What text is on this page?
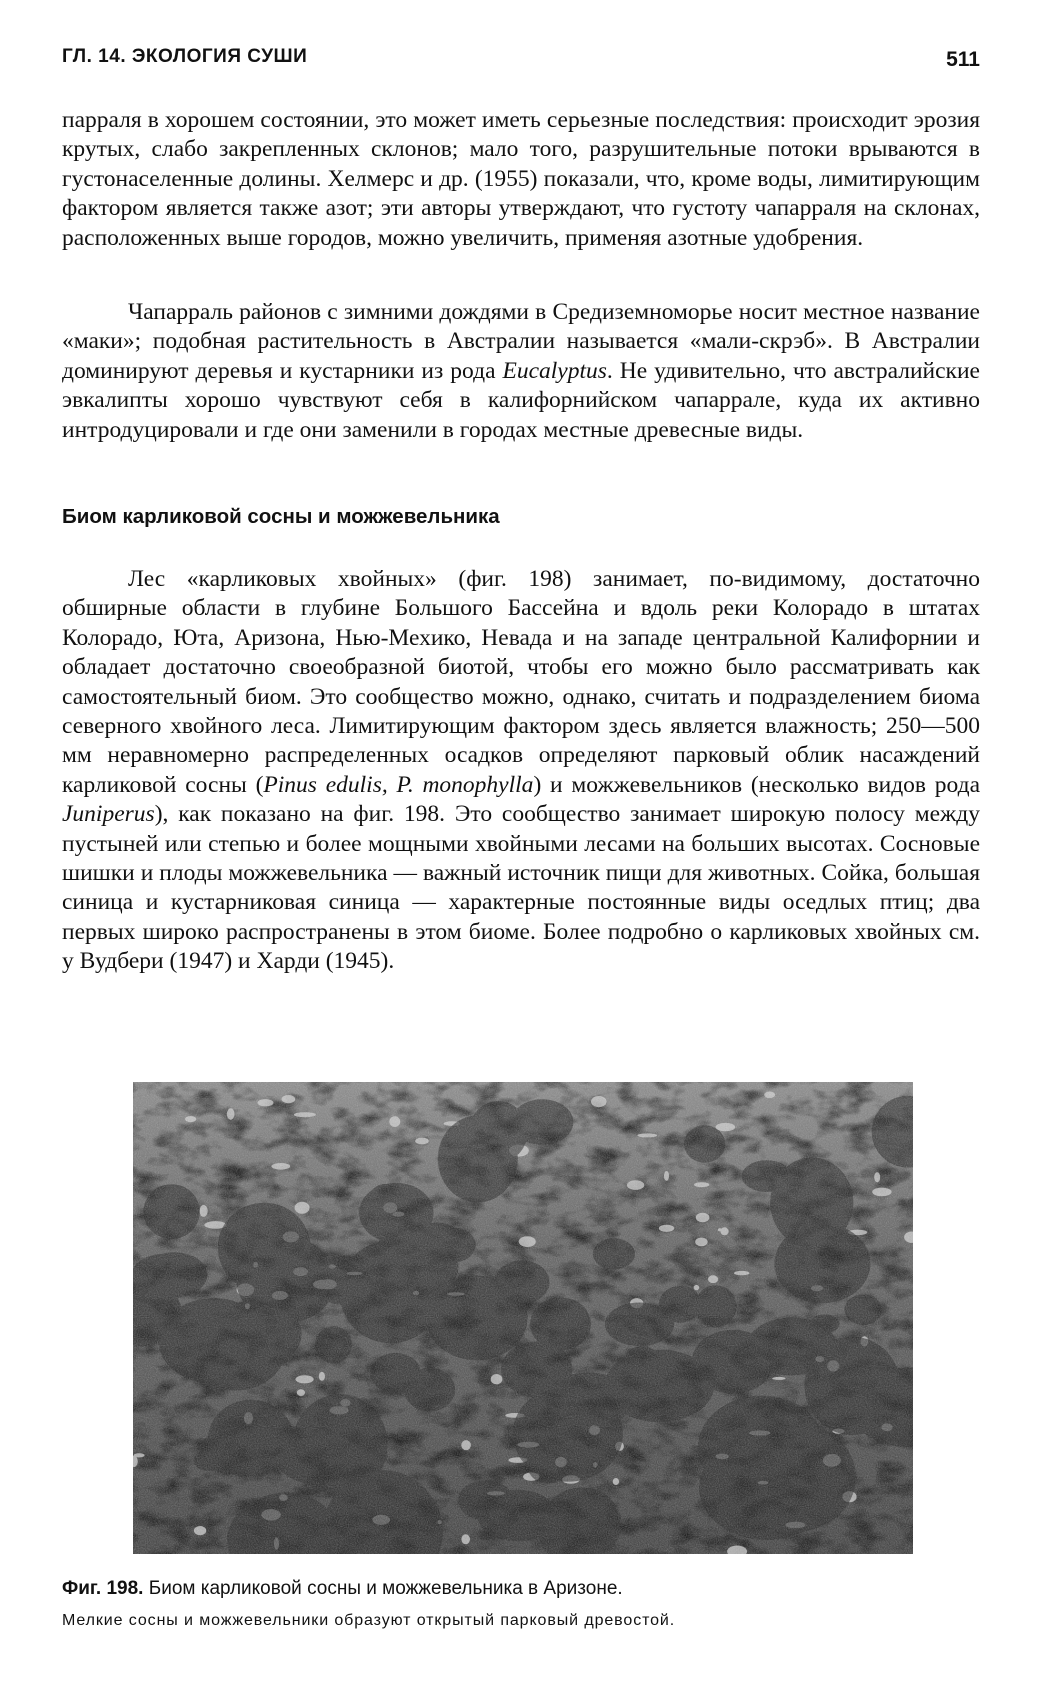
ГЛ. 14. ЭКОЛОГИЯ СУШИ	511

парраля в хорошем состоянии, это может иметь серьезные последствия: происходит эрозия крутых, слабо закрепленных склонов; мало того, разрушительные потоки врываются в густонаселенные долины. Хелмерс и др. (1955) показали, что, кроме воды, лимитирующим фактором является также азот; эти авторы утверждают, что густоту чапарраля на склонах, расположенных выше городов, можно увеличить, применяя азотные удобрения.

Чапарраль районов с зимними дождями в Средиземноморье носит местное название «маки»; подобная растительность в Австралии называется «мали-скрэб». В Австралии доминируют деревья и кустарники из рода Eucalyptus. Не удивительно, что австралийские эвкалипты хорошо чувствуют себя в калифорнийском чапаррале, куда их активно интродуцировали и где они заменили в городах местные древесные виды.

Биом карликовой сосны и можжевельника

Лес «карликовых хвойных» (фиг. 198) занимает, по-видимому, достаточно обширные области в глубине Большого Бассейна и вдоль реки Колорадо в штатах Колорадо, Юта, Аризона, Нью-Мехико, Невада и на западе центральной Калифорнии и обладает достаточно своеобразной биотой, чтобы его можно было рассматривать как самостоятельный биом. Это сообщество можно, однако, считать и подразделением биома северного хвойного леса. Лимитирующим фактором здесь является влажность; 250—500 мм неравномерно распределенных осадков определяют парковый облик насаждений карликовой сосны (Pinus edulis, P. monophylla) и можжевельников (несколько видов рода Juniperus), как показано на фиг. 198. Это сообщество занимает широкую полосу между пустыней или степью и более мощными хвойными лесами на больших высотах. Сосновые шишки и плоды можжевельника — важный источник пищи для животных. Сойка, большая синица и кустарниковая синица — характерные постоянные виды оседлых птиц; два первых широко распространены в этом биоме. Более подробно о карликовых хвойных см. у Вудбери (1947) и Харди (1945).

Фиг. 198. Биом карликовой сосны и можжевельника в Аризоне.
Мелкие сосны и можжевельники образуют открытый парковый древостой.
